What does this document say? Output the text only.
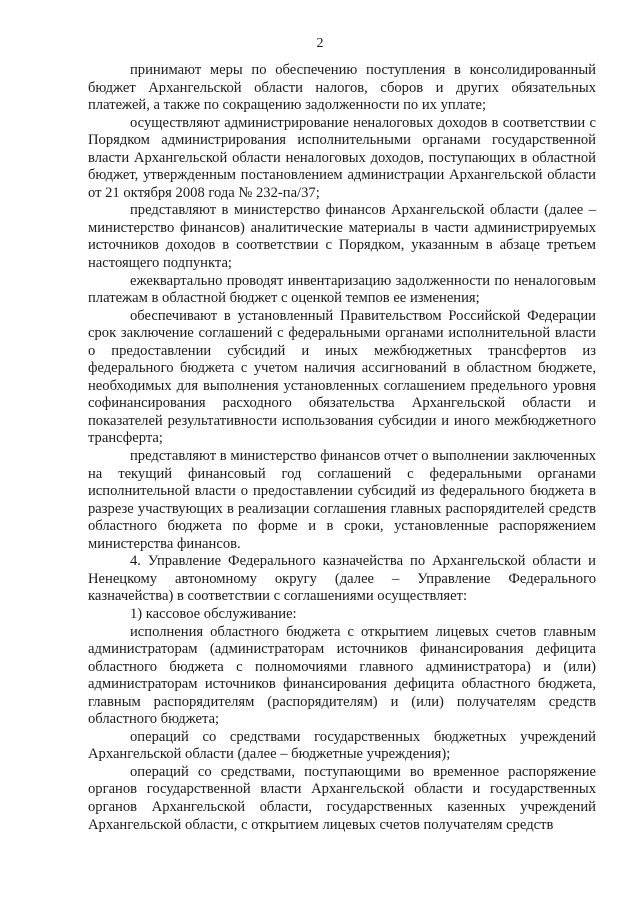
2

принимают меры по обеспечению поступления в консолидированный бюджет Архангельской области налогов, сборов и других обязательных платежей, а также по сокращению задолженности по их уплате;

осуществляют администрирование неналоговых доходов в соответствии с Порядком администрирования исполнительными органами государственной власти Архангельской области неналоговых доходов, поступающих в областной бюджет, утвержденным постановлением администрации Архангельской области от 21 октября 2008 года № 232-па/37;

представляют в министерство финансов Архангельской области (далее – министерство финансов) аналитические материалы в части администрируемых источников доходов в соответствии с Порядком, указанным в абзаце третьем настоящего подпункта;

ежеквартально проводят инвентаризацию задолженности по неналоговым платежам в областной бюджет с оценкой темпов ее изменения;

обеспечивают в установленный Правительством Российской Федерации срок заключение соглашений с федеральными органами исполнительной власти о предоставлении субсидий и иных межбюджетных трансфертов из федерального бюджета с учетом наличия ассигнований в областном бюджете, необходимых для выполнения установленных соглашением предельного уровня софинансирования расходного обязательства Архангельской области и показателей результативности использования субсидии и иного межбюджетного трансферта;

представляют в министерство финансов отчет о выполнении заключенных на текущий финансовый год соглашений с федеральными органами исполнительной власти о предоставлении субсидий из федерального бюджета в разрезе участвующих в реализации соглашения главных распорядителей средств областного бюджета по форме и в сроки, установленные распоряжением министерства финансов.

4. Управление Федерального казначейства по Архангельской области и Ненецкому автономному округу (далее – Управление Федерального казначейства) в соответствии с соглашениями осуществляет:

1) кассовое обслуживание:

исполнения областного бюджета с открытием лицевых счетов главным администраторам (администраторам источников финансирования дефицита областного бюджета с полномочиями главного администратора) и (или) администраторам источников финансирования дефицита областного бюджета, главным распорядителям (распорядителям) и (или) получателям средств областного бюджета;

операций со средствами государственных бюджетных учреждений Архангельской области (далее – бюджетные учреждения);

операций со средствами, поступающими во временное распоряжение органов государственной власти Архангельской области и государственных органов Архангельской области, государственных казенных учреждений Архангельской области, с открытием лицевых счетов получателям средств
